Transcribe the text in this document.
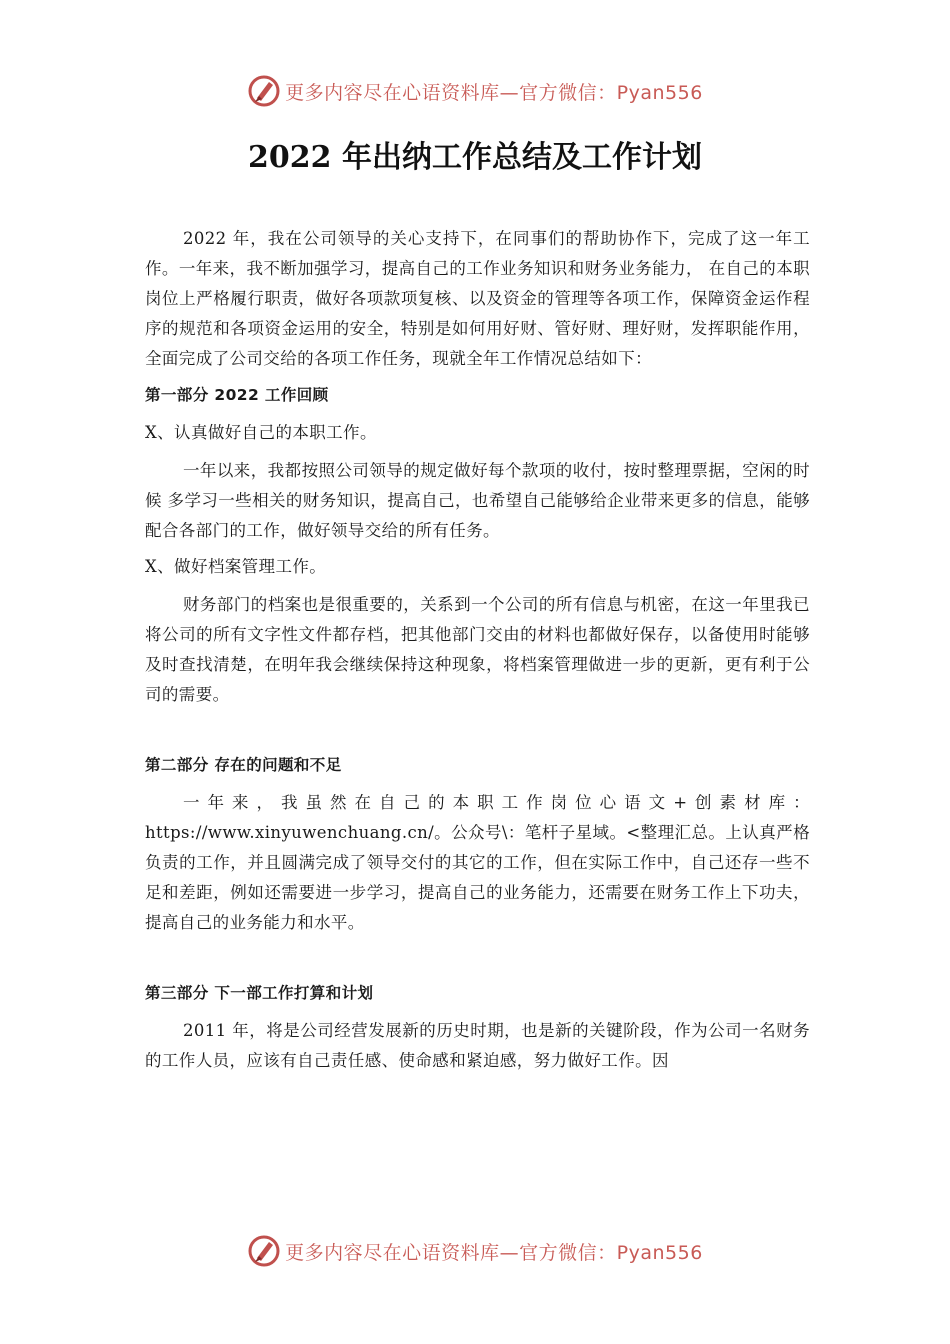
更多内容尽在心语资料库—官方微信：Pyan556
2022 年出纳工作总结及工作计划

2022 年，我在公司领导的关心支持下，在同事们的帮助协作下，完成了这一年工作。一年来，我不断加强学习，提高自己的工作业务知识和财务业务能力， 在自己的本职岗位上严格履行职责，做好各项款项复核、以及资金的管理等各项工作，保障资金运作程序的规范和各项资金运用的安全，特别是如何用好财、管好财、理好财，发挥职能作用，全面完成了公司交给的各项工作任务，现就全年工作情况总结如下：

第一部分 2022 工作回顾

X、认真做好自己的本职工作。

一年以来，我都按照公司领导的规定做好每个款项的收付，按时整理票据，空闲的时候 多学习一些相关的财务知识，提高自己，也希望自己能够给企业带来更多的信息，能够配合各部门的工作，做好领导交给的所有任务。

X、做好档案管理工作。

财务部门的档案也是很重要的，关系到一个公司的所有信息与机密，在这一年里我已将公司的所有文字性文件都存档，把其他部门交由的材料也都做好保存，以备使用时能够及时查找清楚，在明年我会继续保持这种现象，将档案管理做进一步的更新，更有利于公司的需要。

第二部分 存在的问题和不足

一年来，我虽然在自己的本职工作岗位心语文+创素材库：https://www.xinyuwenchuang.cn/。公众号\：笔杆子星域。<整理汇总。上认真严格负责的工作，并且圆满完成了领导交付的其它的工作，但在实际工作中，自己还存一些不足和差距，例如还需要进一步学习，提高自己的业务能力，还需要在财务工作上下功夫，提高自己的业务能力和水平。

第三部分 下一部工作打算和计划

2011 年，将是公司经营发展新的历史时期，也是新的关键阶段，作为公司一名财务的工作人员，应该有自己责任感、使命感和紧迫感，努力做好工作。因

更多内容尽在心语资料库—官方微信：Pyan556
